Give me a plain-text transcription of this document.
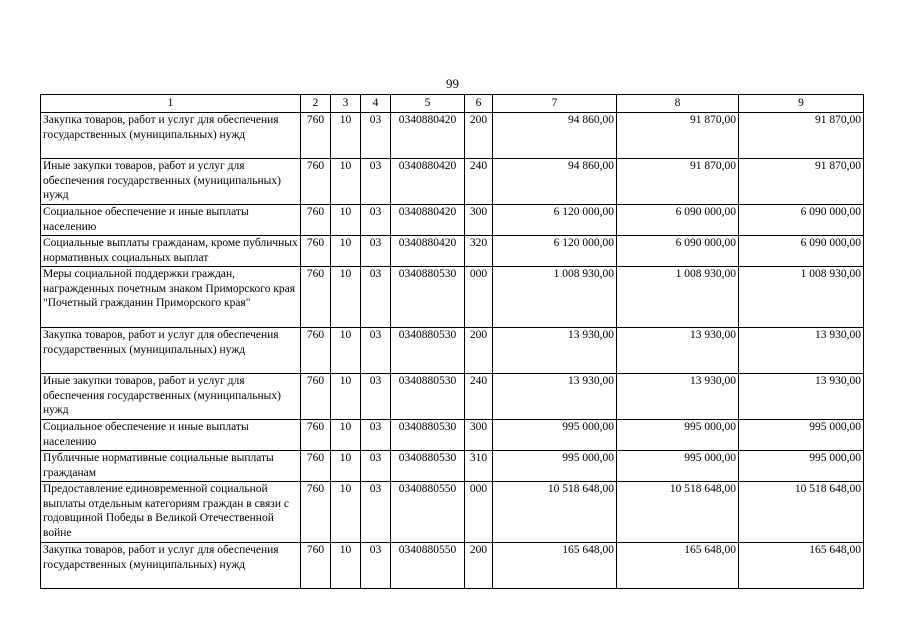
99
1	2	3	4	5	6	7	8	9
Закупка товаров, работ и услуг для обеспечения государственных (муниципальных) нужд	760	10	03	0340880420	200	94 860,00	91 870,00	91 870,00
Иные закупки товаров, работ и услуг для обеспечения государственных (муниципальных) нужд	760	10	03	0340880420	240	94 860,00	91 870,00	91 870,00
Социальное обеспечение и иные выплаты населению	760	10	03	0340880420	300	6 120 000,00	6 090 000,00	6 090 000,00
Социальные выплаты гражданам, кроме публичных нормативных социальных выплат	760	10	03	0340880420	320	6 120 000,00	6 090 000,00	6 090 000,00
Меры социальной поддержки граждан, награжденных почетным знаком Приморского края "Почетный гражданин Приморского края"	760	10	03	0340880530	000	1 008 930,00	1 008 930,00	1 008 930,00
Закупка товаров, работ и услуг для обеспечения государственных (муниципальных) нужд	760	10	03	0340880530	200	13 930,00	13 930,00	13 930,00
Иные закупки товаров, работ и услуг для обеспечения государственных (муниципальных) нужд	760	10	03	0340880530	240	13 930,00	13 930,00	13 930,00
Социальное обеспечение и иные выплаты населению	760	10	03	0340880530	300	995 000,00	995 000,00	995 000,00
Публичные нормативные социальные выплаты гражданам	760	10	03	0340880530	310	995 000,00	995 000,00	995 000,00
Предоставление единовременной социальной выплаты отдельным категориям граждан в связи с годовщиной Победы в Великой Отечественной войне	760	10	03	0340880550	000	10 518 648,00	10 518 648,00	10 518 648,00
Закупка товаров, работ и услуг для обеспечения государственных (муниципальных) нужд	760	10	03	0340880550	200	165 648,00	165 648,00	165 648,00
